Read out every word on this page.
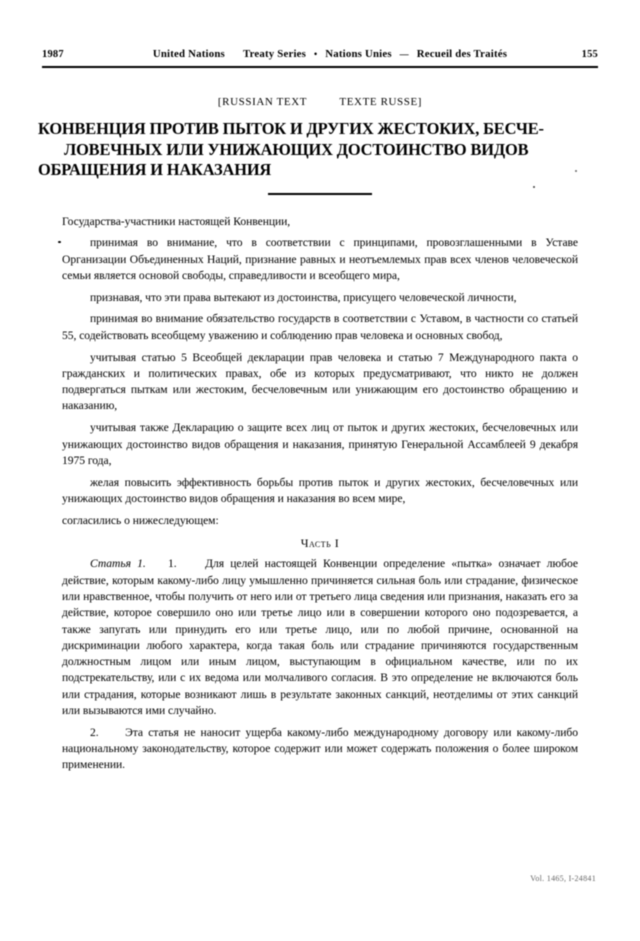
1987	United Nations Treaty Series • Nations Unies — Recueil des Traités	155
[RUSSIAN TEXT	TEXTE RUSSE]
КОНВЕНЦИЯ ПРОТИВ ПЫТОК И ДРУГИХ ЖЕСТОКИХ, БЕСЧЕ-
ЛОВЕЧНЫХ ИЛИ УНИЖАЮЩИХ ДОСТОИНСТВО ВИДОВ
ОБРАЩЕНИЯ И НАКАЗАНИЯ

Государства-участники настоящей Конвенции,

принимая во внимание, что в соответствии с принципами, провозглашенными в Уставе Организации Объединенных Наций, признание равных и неотъемлемых прав всех членов человеческой семьи является основой свободы, справедливости и всеобщего мира,

признавая, что эти права вытекают из достоинства, присущего человеческой личности,

принимая во внимание обязательство государств в соответствии с Уставом, в частности со статьей 55, содействовать всеобщему уважению и соблюдению прав человека и основных свобод,

учитывая статью 5 Всеобщей декларации прав человека и статью 7 Международного пакта о гражданских и политических правах, обе из которых предусматривают, что никто не должен подвергаться пыткам или жестоким, бесчеловечным или унижающим его достоинство обращению и наказанию,

учитывая также Декларацию о защите всех лиц от пыток и других жестоких, бесчеловечных или унижающих достоинство видов обращения и наказания, принятую Генеральной Ассамблеей 9 декабря 1975 года,

желая повысить эффективность борьбы против пыток и других жестоких, бесчеловечных или унижающих достоинство видов обращения и наказания во всем мире,

согласились о нижеследующем:

Часть I

Статья 1. 1. Для целей настоящей Конвенции определение «пытка» означает любое действие, которым какому-либо лицу умышленно причиняется сильная боль или страдание, физическое или нравственное, чтобы получить от него или от третьего лица сведения или признания, наказать его за действие, которое совершило оно или третье лицо или в совершении которого оно подозревается, а также запугать или принудить его или третье лицо, или по любой причине, основанной на дискриминации любого характера, когда такая боль или страдание причиняются государственным должностным лицом или иным лицом, выступающим в официальном качестве, или по их подстрекательству, или с их ведома или молчаливого согласия. В это определение не включаются боль или страдания, которые возникают лишь в результате законных санкций, неотделимы от этих санкций или вызываются ими случайно.

2. Эта статья не наносит ущерба какому-либо международному договору или какому-либо национальному законодательству, которое содержит или может содержать положения о более широком применении.

Vol. 1465, I-24841
